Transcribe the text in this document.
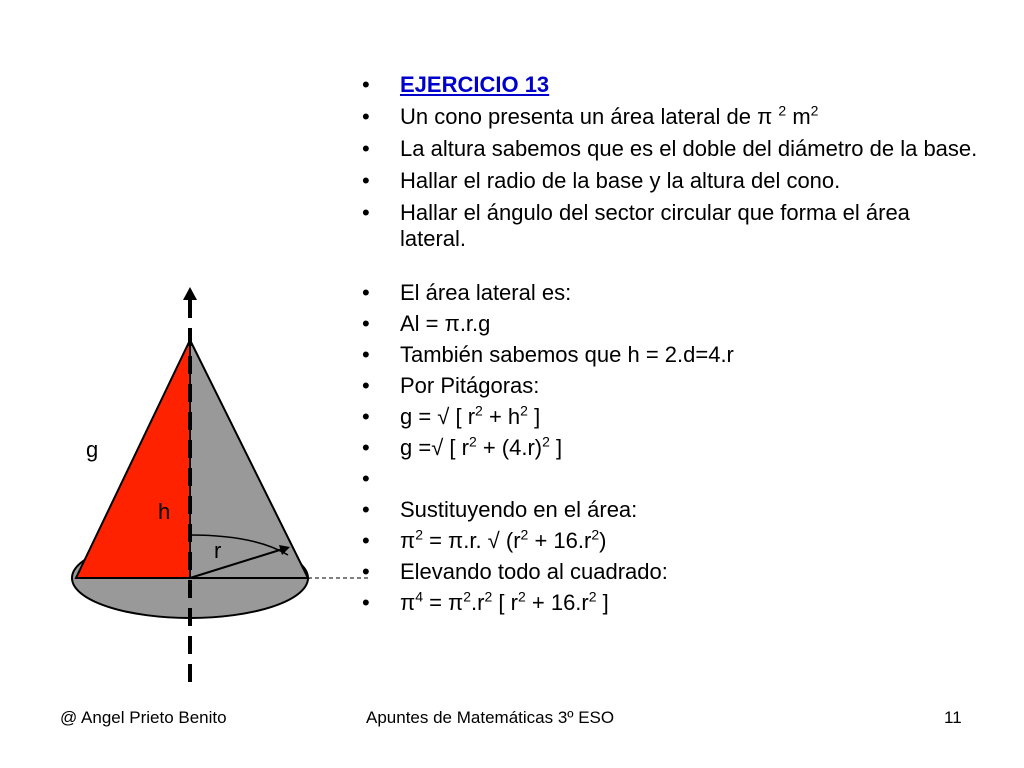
g
h
r
• EJERCICIO 13
• Un cono presenta un área lateral de π $^2$ $m^2$
• La altura sabemos que es el doble del diámetro de la base.
• Hallar el radio de la base y la altura del cono.
• Hallar el ángulo del sector circular que forma el área lateral.
• El área lateral es:
• Al = π.r.g
• También sabemos que h = 2.d=4.r
• Por Pitágoras:
• g = √ [ $r^2 + h^2$ ]
• g =√ [ $r^2 + (4.r)^2$ ]
•
• Sustituyendo en el área:
• $\pi^2 = \pi.r$. √ $(r^2 + 16.r^2)$
• Elevando todo al cuadrado:
• $\pi^4 = \pi^2.r^2$ [ $r^2 + 16.r^2$ ]
@ Angel Prieto Benito	Apuntes de Matemáticas 3º ESO	11
